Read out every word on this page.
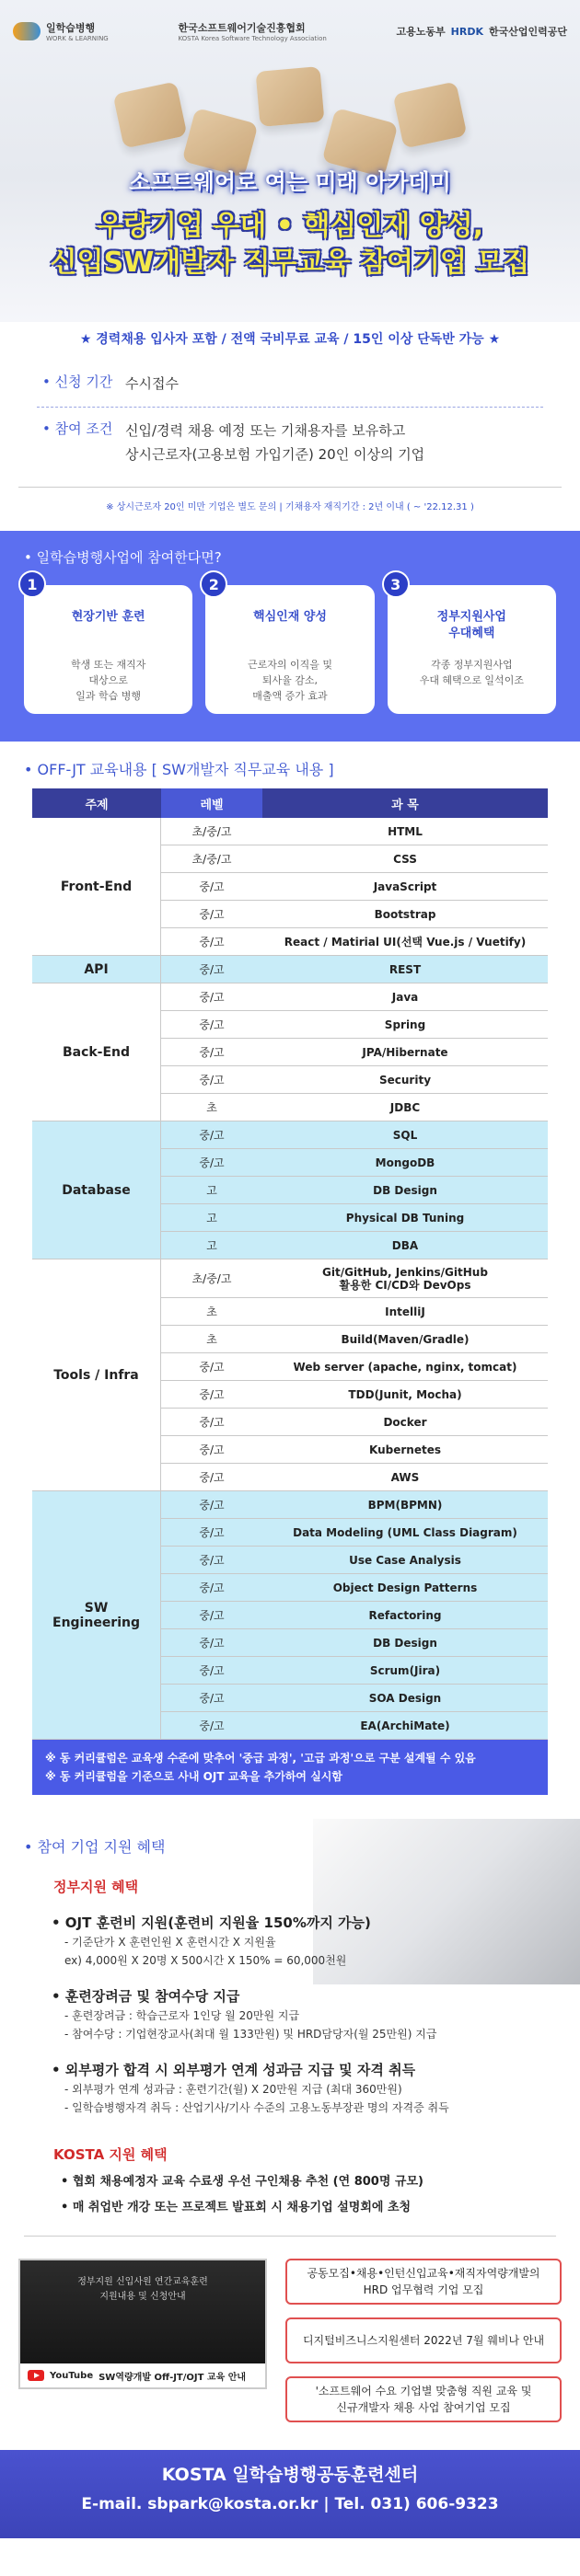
일학습병행
WORK & LEARNING
한국소프트웨어기술진흥협회
KOSTA Korea Software Technology Association
고용노동부 HRDK 한국산업인력공단
소프트웨어로 여는 미래 아카데미
우량기업 우대 • 핵심인재 양성,
신입SW개발자 직무교육 참여기업 모집
★ 경력채용 입사자 포함 / 전액 국비무료 교육 / 15인 이상 단독반 가능 ★
• 신청 기간 수시접수
• 참여 조건 신입/경력 채용 예정 또는 기채용자를 보유하고
상시근로자(고용보험 가입기준) 20인 이상의 기업
※ 상시근로자 20인 미만 기업은 별도 문의 | 기채용자 재직기간 : 2년 이내 ( ~ '22.12.31 )
• 일학습병행사업에 참여한다면?
1
현장기반 훈련
학생 또는 재직자
대상으로
일과 학습 병행
2
핵심인재 양성
근로자의 이직을 및
퇴사율 감소,
매출액 증가 효과
3
정부지원사업
우대혜택
각종 정부지원사업
우대 혜택으로 일석이조
• OFF-JT 교육내용 [ SW개발자 직무교육 내용 ]
주제	레벨	과 목
Front-End	초/중/고	HTML
	초/중/고	CSS
	중/고	JavaScript
	중/고	Bootstrap
	중/고	React / Matirial UI(선택 Vue.js / Vuetify)
API	중/고	REST
Back-End	중/고	Java
	중/고	Spring
	중/고	JPA/Hibernate
	중/고	Security
	초	JDBC
Database	중/고	SQL
	중/고	MongoDB
	고	DB Design
	고	Physical DB Tuning
	고	DBA
Tools / Infra	초/중/고	Git/GitHub, Jenkins/GitHub
활용한 CI/CD와 DevOps
	초	IntelliJ
	초	Build(Maven/Gradle)
	중/고	Web server (apache, nginx, tomcat)
	중/고	TDD(Junit, Mocha)
	중/고	Docker
	중/고	Kubernetes
	중/고	AWS
SW
Engineering	중/고	BPM(BPMN)
	중/고	Data Modeling (UML Class Diagram)
	중/고	Use Case Analysis
	중/고	Object Design Patterns
	중/고	Refactoring
	중/고	DB Design
	중/고	Scrum(Jira)
	중/고	SOA Design
	중/고	EA(ArchiMate)
※ 동 커리큘럼은 교육생 수준에 맞추어 '중급 과정', '고급 과정'으로 구분 설계될 수 있음
※ 동 커리큘럼을 기준으로 사내 OJT 교육을 추가하여 실시함
• 참여 기업 지원 혜택
정부지원 혜택
• OJT 훈련비 지원(훈련비 지원율 150%까지 가능)
- 기준단가 X 훈련인원 X 훈련시간 X 지원율
ex) 4,000원 X 20명 X 500시간 X 150% = 60,000천원
• 훈련장려금 및 참여수당 지급
- 훈련장려금 : 학습근로자 1인당 월 20만원 지급
- 참여수당 : 기업현장교사(최대 월 133만원) 및 HRD담당자(월 25만원) 지급
• 외부평가 합격 시 외부평가 연계 성과금 지급 및 자격 취득
- 외부평가 연계 성과금 : 훈련기간(월) X 20만원 지급 (최대 360만원)
- 일학습병행자격 취득 : 산업기사/기사 수준의 고용노동부장관 명의 자격증 취득
KOSTA 지원 혜택
• 협회 채용예정자 교육 수료생 우선 구인채용 추천 (연 800명 규모)
• 매 취업반 개강 또는 프로젝트 발표회 시 채용기업 설명회에 초청
정부지원 신입사원 연간교육훈련
지원내용 및 신청안내
YouTube SW역량개발 Off-JT/OJT 교육 안내
공동모집•채용•인턴신입교육•재직자역량개발의
HRD 업무협력 기업 모집
디지털비즈니스지원센터 2022년 7월 웨비나 안내
'소프트웨어 수요 기업별 맞춤형 직원 교육 및
신규개발자 채용 사업 참여기업 모집
KOSTA 일학습병행공동훈련센터
E-mail. sbpark@kosta.or.kr | Tel. 031) 606-9323
